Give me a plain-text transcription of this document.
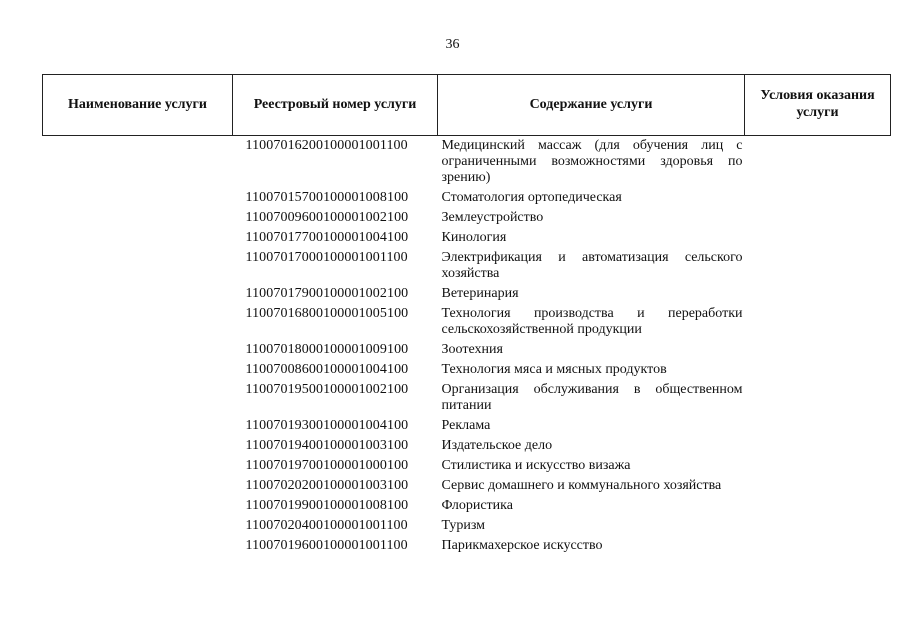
36
Наименование услуги	Реестровый номер услуги	Содержание услуги	Условия оказания услуги
	11007016200100001001100	Медицинский массаж (для обучения лиц с ограниченными возможностями здоровья по зрению)	
	11007015700100001008100	Стоматология ортопедическая	
	11007009600100001002100	Землеустройство	
	11007017700100001004100	Кинология	
	11007017000100001001100	Электрификация и автоматизация сельского хозяйства	
	11007017900100001002100	Ветеринария	
	11007016800100001005100	Технология производства и переработки сельскохозяйственной продукции	
	11007018000100001009100	Зоотехния	
	11007008600100001004100	Технология мяса и мясных продуктов	
	11007019500100001002100	Организация обслуживания в общественном питании	
	11007019300100001004100	Реклама	
	11007019400100001003100	Издательское дело	
	11007019700100001000100	Стилистика и искусство визажа	
	11007020200100001003100	Сервис домашнего и коммунального хозяйства	
	11007019900100001008100	Флористика	
	11007020400100001001100	Туризм	
	11007019600100001001100	Парикмахерское искусство	
